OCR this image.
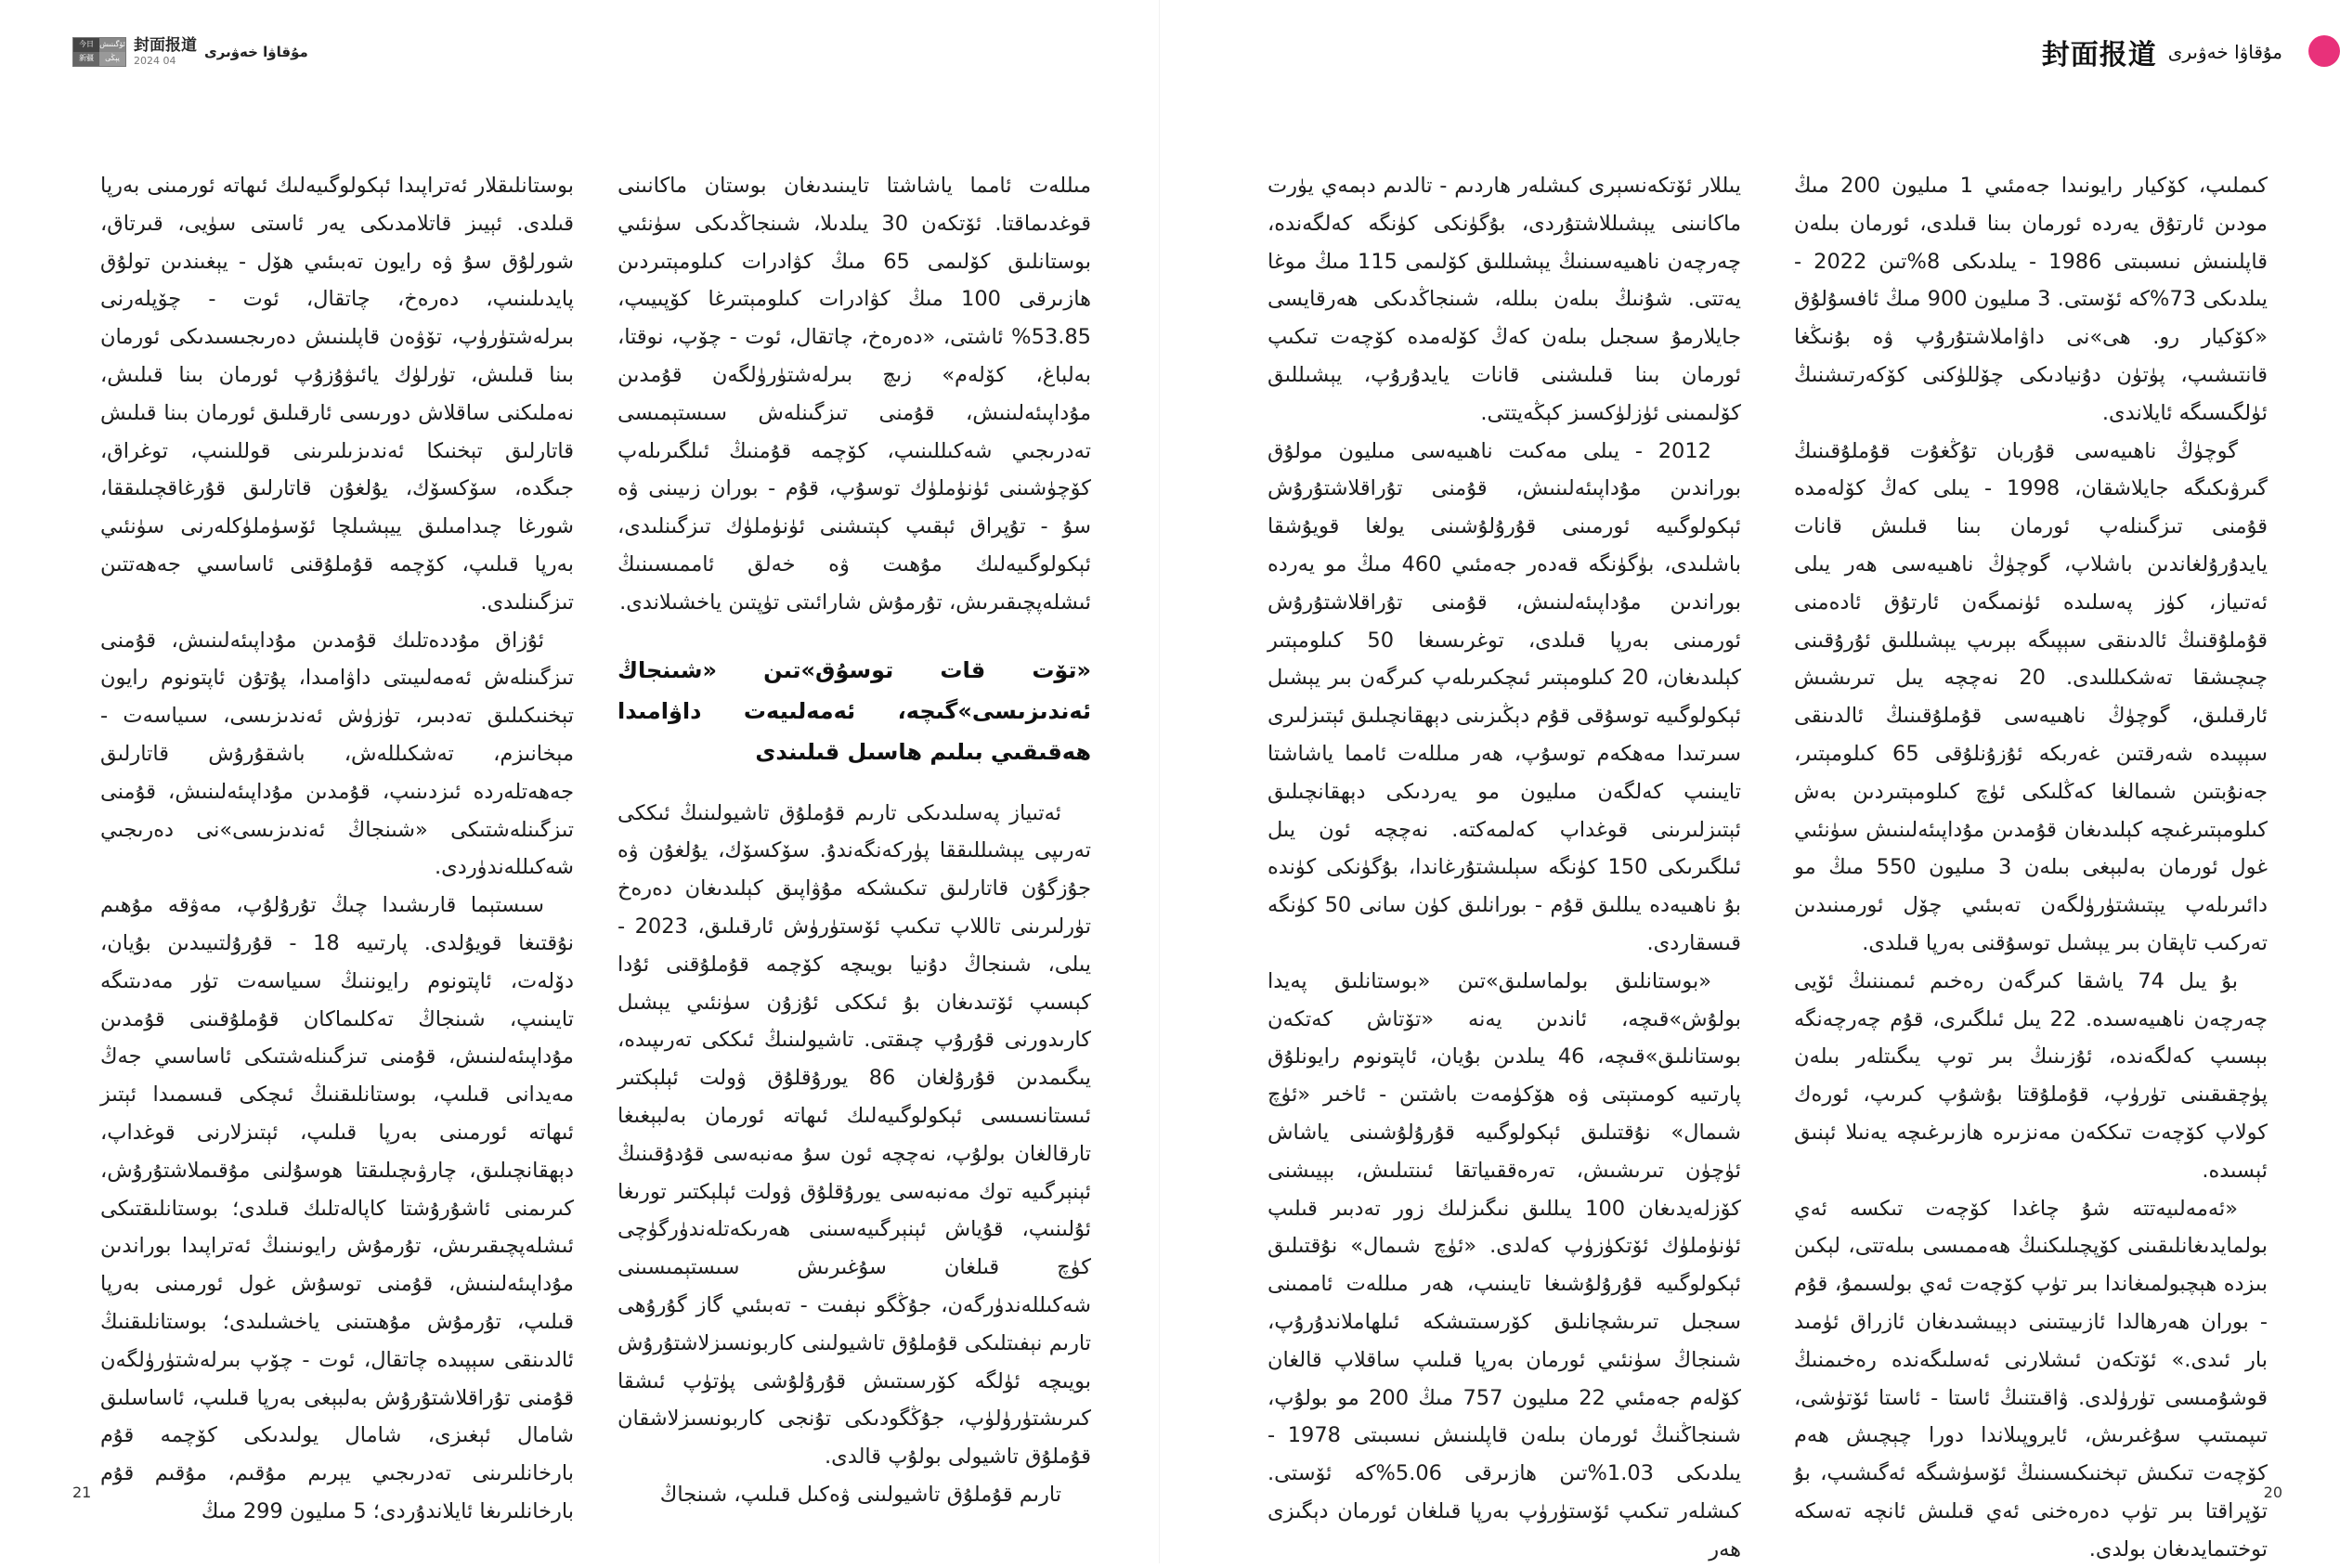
今日 ئۆگىنىش
新疆	يېڭى
封面报道
2024 04
مۇقاۋا خەۋىرى

بوستانلىقلار ئەتراپىدا ئېكولوگىيەلىك ئىھاتە ئورمىنى بەرپا قىلدى. ئېيىز قاتلامدىكى يەر ئاستى سۈيى، قىرتاق، شورلۇق سۇ ۋە رايون تەبىئىي ھۆل - يېغىندىن تولۇق پايدىلىنىپ، دەرەخ، چاتقال، ئوت - چۆپلەرنى بىرلەشتۈرۈپ، تۆۋەن قاپلىنىش دەرىجىسىدىكى ئورمان بىنا قىلىش، تۈرلۈك يائىۋۇزۇپ ئورمان بىنا قىلىش، نەملىكنى ساقلاش دورىسى ئارقىلىق ئورمان بىنا قىلىش قاتارلىق تېخنىكا ئەندىزىلىرىنى قوللىنىپ، توغراق، جىگدە، سۆكسۆك، يۇلغۇن قاتارلىق قۇرغاقچىلىققا، شورغا چىدامىلىق ييېشىلچا ئۆسۈملۈكلەرنى سۈنئىي بەرپا قىلىپ، كۆچمە قۇملۇقنى ئاساسىي جەھەتتىن تىزگىنلىدى.

ئۇزاق مۇددەتلىك قۇمدىن مۇداپىئەلىنىش، قۇمنى تىزگىنلەش ئەمەلىيىتى داۋامىدا، پۇتۇن ئاپتونوم رايون تېخنىكىلىق تەدبىر، تۈزۈش ئەندىزىسى، سىياسەت - مېخانىزم، تەشكىللەش، باشقۇرۇش قاتارلىق جەھەتلەردە ئىزدىنىپ، قۇمدىن مۇداپىئەلىنىش، قۇمنى تىزگىنلەشتىكى «شىنجاڭ ئەندىزىسى»نى دەرىجىي شەكىللەندۈردى.

سىستېما قارىشىدا چىڭ تۇرۇلۇپ، مەۋقە مۇھىم نۇقتىغا قويۇلدى. پارتىيە 18 - قۇرۇلتىيىدىن بۇيان، دۆلەت، ئاپتونوم رايوننىڭ سىياسەت تۈر مەدىتىگە تايىنىپ، شىنجاڭ تەكلىماكان قۇملۇقىنى قۇمدىن مۇداپىئەلىنىش، قۇمنى تىزگىنلەشتىكى ئاساسىي جەڭ مەيدانى قىلىپ، بوستانلىقنىڭ ئىچكى قىسمىدا ئېتىز ئىھاتە ئورمىنى بەرپا قىلىپ، ئېتىزلارنى قوغداپ، دېھقانچىلىق، چارۋىچىلىقتا ھوسۇلنى مۇقىملاشتۇرۇش، كىرىمنى ئاشۇرۇشتا كاپالەتلىك قىلدى؛ بوستانلىقتىكى ئىشلەپچىقىرىش، تۇرمۇش رايونىنىڭ ئەتراپىدا بوراندىن مۇداپىئەلىنىش، قۇمنى توسۇش غول ئورمىنى بەرپا قىلىپ، تۇرمۇش مۇھىتىنى ياخشىلىدى؛ بوستانلىقنىڭ ئالدىنقى سېپىدە چاتقال، ئوت - چۆپ بىرلەشتۈرۈلگەن قۇمنى تۇراقلاشتۇرۇش بەلبېغى بەرپا قىلىپ، ئاساسلىق شامال ئېغىزى، شامال يولىدىكى كۆچمە قۇم بارخانلىرىنى تەدرىجىي يېرىم مۇقىم، مۇقىم قۇم بارخانلىرىغا ئايلاندۇردى؛ 5 مىليون 299 مىڭ

مىللەت ئامما ياشاشتا تايىنىدىغان بوستان ماكانىنى قوغدىماقتا. ئۆتكەن 30 يىلدىلا، شىنجاڭدىكى سۈنئىي بوستانلىق كۆلىمى 65 مىڭ كۋادرات كىلومېتىردىن ھازىرقى 100 مىڭ كۋادرات كىلومېتىرغا كۆپىيىپ، 53.85% ئاشتى، «دەرەخ، چاتقال، ئوت - چۆپ، نوقتا، بەلباغ، كۆلەم» زىچ بىرلەشتۈرۈلگەن قۇمدىن مۇداپىئەلىنىش، قۇمنى تىزگىنلەش سىستېمىسى تەدرىجىي شەكىللىنىپ، كۆچمە قۇمنىڭ ئىلگىرىلەپ كۆچۈشىنى ئۈنۈملۈك توسۇپ، قۇم - بوران زىيىنى ۋە سۇ - تۇپراق ئېقىپ كېتىشنى ئۈنۈملۈك تىزگىنلىدى، ئېكولوگىيەلىك مۇھىت ۋە خەلق ئاممىسىنىڭ ئىشلەپچىقىرىش، تۇرمۇش شارائىتى تۈپتىن ياخشىلاندى.

«تۆت قات توسۇق»تىن «شىنجاڭ ئەندىزىسى»گىچە، ئەمەلىيەت داۋامىدا ھەقىقىي بىلىم ھاسىل قىلىندى

ئەتىياز پەسلىدىكى تارىم قۇملۇق تاشيولىنىڭ ئىككى تەرىپى يېشىللىققا پۈركەنگەندۇ. سۆكسۆك، يۇلغۇن ۋە جۇزگۇن قاتارلىق تىكىشكە مۇۋاپىق كېلىدىغان دەرەخ تۈرلىرىنى تاللاپ تىكىپ ئۆستۈرۈش ئارقىلىق، 2023 - يىلى، شىنجاڭ دۇنيا بويىچە كۆچمە قۇملۇقنى ئۇدا كېسىپ ئۆتىدىغان بۇ ئىككى ئۇزۇن سۈنئىي يېشىل كارىدورنى قۇرۇپ چىقتى. تاشيولىنىڭ ئىككى تەرىپىدە، يىگىمدىن قۇرۇلغان 86 يورۇقلۇق ۋولت ئېلېكتىر ئىستانسىسى ئېكولوگىيەلىك ئىھاتە ئورمان بەلبېغىغا تارقالغان بولۇپ، نەچچە ئون سۇ مەنبەسى قۇدۇقىنىڭ ئېنېرگىيە توك مەنبەسى يورۇقلۇق ۋولت ئېلېكتىر تورىغا ئۇلىنىپ، قۇياش ئېنېرگىيەسىنى ھەرىكەتلەندۈرگۈچى كۈچ قىلغان سۇغىرىش سىستېمىسىنى شەكىللەندۈرگەن، جۇڭگو نېفىت - تەبىئىي گاز گۇرۇھى تارىم نېفىتلىكى قۇملۇق تاشيولىنى كاربونسىزلاشتۇرۇش بويىچە ئۈلگە كۆرسىتىش قۇرۇلۇشى پۈتۈپ ئىشقا كىرىشتۈرۈلۈپ، جۇڭگودىكى تۇنجى كاربونسىزلاشقان قۇملۇق تاشيولى بولۇپ قالدى.

تارىم قۇملۇق تاشيولىنى ۋەكىل قىلىپ، شىنجاڭ

21
封面报道 مۇقاۋا خەۋىرى

يىللار ئۆتكەنسېرى كىشلەر ھاردىم - تالدىم دېمەي يۈرت ماكانىنى يېشىللاشتۇردى، بۇگۈنكى كۈنگە كەلگەندە، چەرچەن ناھىيەسىنىڭ يېشىللىق كۆلىمى 115 مىڭ موغا يەتتى. شۇنىڭ بىلەن بىللە، شىنجاڭدىكى ھەرقايسى جايلارمۇ سىجىل بىلەن كەڭ كۆلەمدە كۆچەت تىكىپ ئورمان بىنا قىلىشنى قانات يايدۇرۇپ، يېشىللىق كۆلىمىنى ئۈزلۈكسىز كېڭەيتتى.

2012 - يىلى مەكىت ناھىيەسى مىليون مولۇق بوراندىن مۇداپىئەلىنىش، قۇمنى تۇراقلاشتۇرۇش ئېكولوگىيە ئورمىنى قۇرۇلۇشىنى يولغا قويۇشقا باشلىدى، بۈگۈنگە قەدەر جەمئىي 460 مىڭ مو يەردە بوراندىن مۇداپىئەلىنىش، قۇمنى تۇراقلاشتۇرۇش ئورمىنى بەرپا قىلدى، توغرىسىغا 50 كىلومېتىر كېلىدىغان، 20 كىلومېتىر ئىچكىرىلەپ كىرگەن بىر يېشىل ئېكولوگىيە توسۇقى قۇم دېڭىزىنى دېھقانچىلىق ئېتىزلىرى سىرتىدا مەھكەم توسۇپ، ھەر مىللەت ئامما ياشاشتا تايىنىپ كەلگەن مىليون مو يەردىكى دېھقانچىلىق ئېتىزلىرىنى قوغداپ كەلمەكتە. نەچچە ئون يىل ئىلگىرىكى 150 كۈنگە سېلىشتۇرغاندا، بۇگۈنكى كۈندە بۇ ناھىيەدە يىللىق قۇم - بورانلىق كۈن سانى 50 كۈنگە قىسقاردى.

«بوستانلىق بولماسلىق»تىن «بوستانلىق پەيدا بولۇش»قىچە، ئاندىن يەنە «تۆتاش كەتكەن بوستانلىق»قىچە، 46 يىلدىن بۇيان، ئاپتونوم رايونلۇق پارتىيە كومىتېتى ۋە ھۆكۈمەت باشتىن - ئاخىر «ئۈچ شىمال» نۇقتىلىق ئېكولوگىيە قۇرۇلۇشىنى ياشاش ئۈچۈن تىرىشىش، تەرەققىياتقا ئىنتىلىش، بېيىشنى كۆزلەيدىغان 100 يىللىق نىگىزلىك زور تەدبىر قىلىپ ئۈنۈملۈك ئۆتكۈزۈپ كەلدى. «ئۈچ شىمال» نۇقتىلىق ئېكولوگىيە قۇرۇلۇشىغا تايىنىپ، ھەر مىللەت ئاممىنى سىجىل تىرىشچانلىق كۆرسىتىشكە ئىلھاملاندۇرۇپ، شىنجاڭ سۈنئىي ئورمان بەرپا قىلىپ ساقلاپ قالغان كۆلەم جەمئىي 22 مىليون 757 مىڭ 200 مو بولۇپ، شىنجاڭنىڭ ئورمان بىلەن قاپلىنىش نىسبىتى 1978 - يىلدىكى 1.03%تىن ھازىرقى 5.06%كە ئۆستى. كىشلەر تىكىپ ئۆستۈرۈپ بەرپا قىلغان ئورمان دېگىزى ھەر

كىملىپ، كۆكيار رايونىدا جەمئىي 1 مىليون 200 مىڭ مودىن ئارتۇق يەردە ئورمان بىنا قىلدى، ئورمان بىلەن قاپلىنىش نىسبىتى 1986 - يىلدىكى 8%تىن 2022 - يىلدىكى 73%كە ئۆستى. 3 مىليون 900 مىڭ ئافسۇلۇق «كۆكيار رو. ھى»نى داۋاملاشتۇرۇپ ۋە بۇنىڭغا قانتىشىپ، پۈتۈن دۇنيادىكى چۆللۈكنى كۆكەرتىشنىڭ ئۈلگىسىگە ئايلاندى.

گوچۈڭ ناھىيەسى قۇربان تۇڭغۇت قۇملۇقىنىڭ گىرۋىكىگە جايلاشقان، 1998 - يىلى كەڭ كۆلەمدە قۇمنى تىزگىنلەپ ئورمان بىنا قىلىش قانات يايدۇرۇلغاندىن باشلاپ، گوچۈڭ ناھىيەسى ھەر يىلى ئەتىياز، كۈز پەسلىدە ئۈنمىگەن ئارتۇق ئادەمنى قۇملۇقنىڭ ئالدىنقى سېپىگە بېرىپ يېشىللىق ئۇرۇقىنى چىچىشقا تەشكىللىدى. 20 نەچچە يىل تىرىشىش ئارقىلىق، گوچۈڭ ناھىيەسى قۇملۇقىنىڭ ئالدىنقى سېپىدە شەرقتىن غەربكە ئۇزۇنلۇقى 65 كىلومېتىر، جەنۇبتىن شىمالغا كەڭلىكى ئۈچ كىلومېتىردىن بەش كىلومېتىرغىچە كېلىدىغان قۇمدىن مۇداپىئەلىنىش سۈنئىي غول ئورمان بەلبېغى بىلەن 3 مىليون 550 مىڭ مو دائىرىلەپ يېتىشتۈرۈلگەن تەبىئىي چۆل ئورمىنىدىن تەركىب تاپقان بىر يېشىل توسۇقنى بەرپا قىلدى.

بۇ يىل 74 ياشقا كىرگەن رەخىم ئىمىننىڭ ئۆيى چەرچەن ناھىيەسىدە. 22 يىل ئىلگىرى، قۇم چەرچەنگە بېسىپ كەلگەندە، ئۇزىنىڭ بىر توپ يىگىتلەر بىلەن پۈچقىقىنى تۈرۈپ، قۇملۇقتا بۇشۇپ كىرىپ، ئورەك كولاپ كۆچەت تىككەن مەنزىرە ھازىرغىچە يەنىلا ئېنىق ئېسىدە.

«ئەمەلىيەتتە شۇ چاغدا كۆچەت تىكسە ئەي بولمايدىغانلىقىنى كۆپچىلىكنىڭ ھەممىسى بىلەتتى، لېكىن بىزدە ھېچبولمىغاندا بىر تۈپ كۆچەت ئەي بولسىمۇ، قۇم - بوران ھەرھالدا ئازىيىتىنى دېيىشىدىغان ئازراق ئۈمىد بار ئىدى.» ئۆتكەن ئىشلارنى ئەسلىگەندە رەخىمنىڭ قوشۇمىسى تۈرۈلدى. ۋاقىتنىڭ ئاستا - ئاستا ئۆتۈشى، تىپمىتىپ سۇغىرىش، ئايروپىلاندا دورا چېچىش ھەم كۆچەت تىكىش تېخنىكىسىنىڭ ئۆسۈشىگە ئەگىشىپ، بۇ تۆپراقتا بىر تۈپ دەرەخنى ئەي قىلىش ئانچە تەسكە توختىمايدىغان بولدى.

20
